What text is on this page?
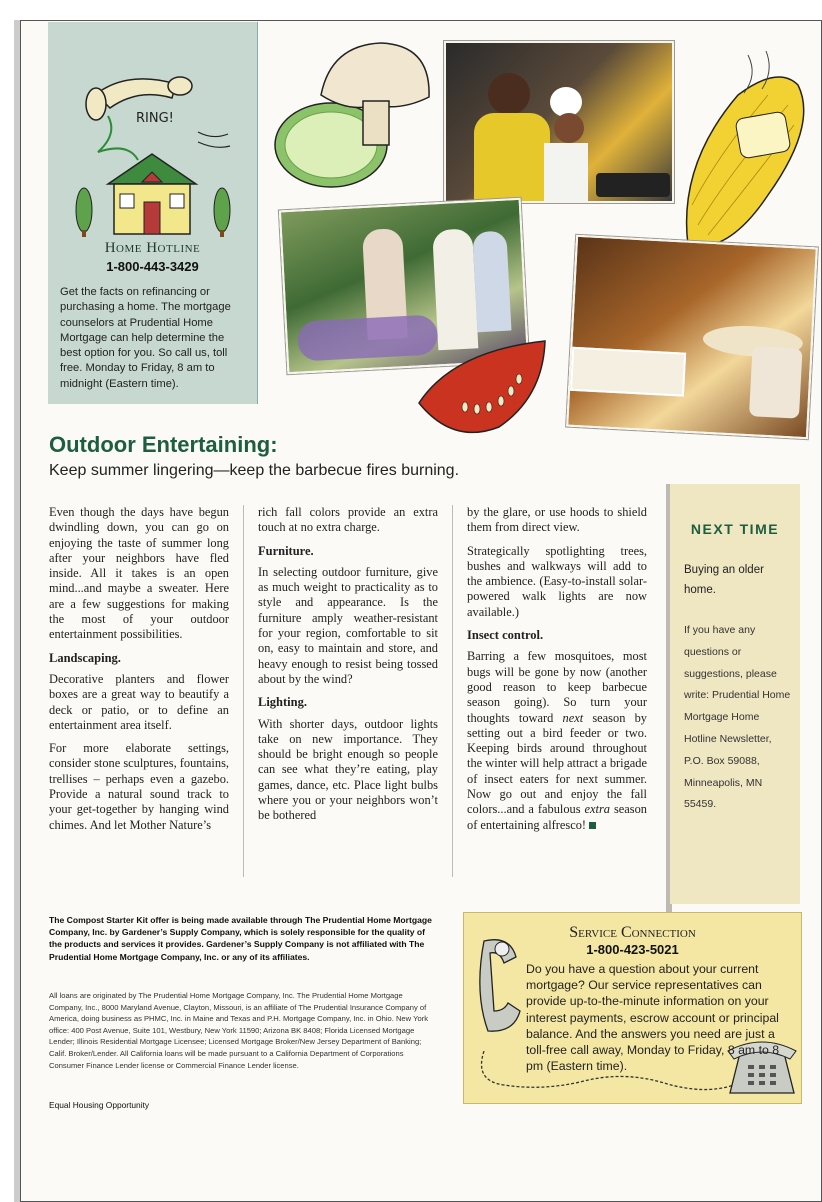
RING!
Home Hotline
1-800-443-3429
Get the facts on refinancing or purchasing a home. The mortgage counselors at Prudential Home Mortgage can help determine the best option for you. So call us, toll free. Monday to Friday, 8 am to midnight (Eastern time).
Outdoor Entertaining:
Keep summer lingering—keep the barbecue fires burning.

Even though the days have begun dwindling down, you can go on enjoying the taste of summer long after your neighbors have fled inside. All it takes is an open mind...and maybe a sweater. Here are a few suggestions for making the most of your outdoor entertainment possibilities.

Landscaping.

Decorative planters and flower boxes are a great way to beautify a deck or patio, or to define an entertainment area itself.

For more elaborate settings, consider stone sculptures, fountains, trellises – perhaps even a gazebo. Provide a natural sound track to your get-together by hanging wind chimes. And let Mother Nature’s

rich fall colors provide an extra touch at no extra charge.

Furniture.

In selecting outdoor furniture, give as much weight to practicality as to style and appearance. Is the furniture amply weather-resistant for your region, comfortable to sit on, easy to maintain and store, and heavy enough to resist being tossed about by the wind?

Lighting.

With shorter days, outdoor lights take on new importance. They should be bright enough so people can see what they’re eating, play games, dance, etc. Place light bulbs where you or your neighbors won’t be bothered

by the glare, or use hoods to shield them from direct view.

Strategically spotlighting trees, bushes and walkways will add to the ambience. (Easy-to-install solar-powered walk lights are now available.)

Insect control.

Barring a few mosquitoes, most bugs will be gone by now (another good reason to keep barbecue season going). So turn your thoughts toward next season by setting out a bird feeder or two. Keeping birds around throughout the winter will help attract a brigade of insect eaters for next summer. Now go out and enjoy the fall colors...and a fabulous extra season of entertaining alfresco!

NEXT TIME
Buying an older home.
If you have any questions or suggestions, please write: Prudential Home Mortgage Home Hotline Newsletter, P.O. Box 59088, Minneapolis, MN 55459.
The Compost Starter Kit offer is being made available through The Prudential Home Mortgage Company, Inc. by Gardener’s Supply Company, which is solely responsible for the quality of the products and services it provides. Gardener’s Supply Company is not affiliated with The Prudential Home Mortgage Company, Inc. or any of its affiliates.
All loans are originated by The Prudential Home Mortgage Company, Inc. The Prudential Home Mortgage Company, Inc., 8000 Maryland Avenue, Clayton, Missouri, is an affiliate of The Prudential Insurance Company of America, doing business as PHMC, Inc. in Maine and Texas and P.H. Mortgage Company, Inc. in Ohio. New York office: 400 Post Avenue, Suite 101, Westbury, New York 11590; Arizona BK 8408; Florida Licensed Mortgage Lender; Illinois Residential Mortgage Licensee; Licensed Mortgage Broker/New Jersey Department of Banking; Calif. Broker/Lender. All California loans will be made pursuant to a California Department of Corporations Consumer Finance Lender license or Commercial Finance Lender license.
Equal Housing Opportunity
Service Connection
1-800-423-5021
Do you have a question about your current mortgage? Our service representatives can provide up-to-the-minute information on your interest payments, escrow account or principal balance. And the answers you need are just a toll-free call away, Monday to Friday, 8 am to 8 pm (Eastern time).
